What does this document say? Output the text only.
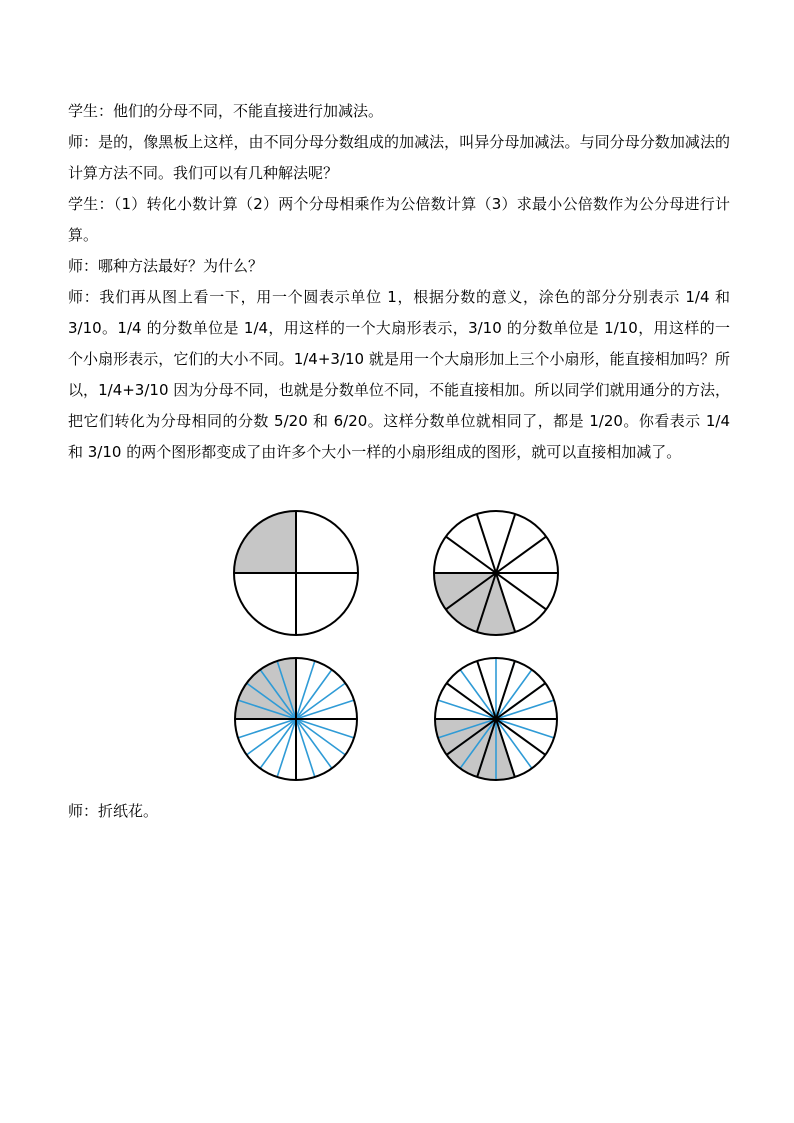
学生：他们的分母不同，不能直接进行加减法。

师：是的，像黑板上这样，由不同分母分数组成的加减法，叫异分母加减法。与同分母分数加减法的计算方法不同。我们可以有几种解法呢？

学生：（1）转化小数计算（2）两个分母相乘作为公倍数计算（3）求最小公倍数作为公分母进行计算。

师：哪种方法最好？为什么？

师：我们再从图上看一下，用一个圆表示单位 1，根据分数的意义，涂色的部分分别表示 1/4 和 3/10。1/4 的分数单位是 1/4，用这样的一个大扇形表示，3/10 的分数单位是 1/10，用这样的一个小扇形表示，它们的大小不同。1/4+3/10 就是用一个大扇形加上三个小扇形，能直接相加吗？所以，1/4+3/10 因为分母不同，也就是分数单位不同，不能直接相加。所以同学们就用通分的方法，把它们转化为分母相同的分数 5/20 和 6/20。这样分数单位就相同了，都是 1/20。你看表示 1/4 和 3/10 的两个图形都变成了由许多个大小一样的小扇形组成的图形，就可以直接相加减了。

师：折纸花。
